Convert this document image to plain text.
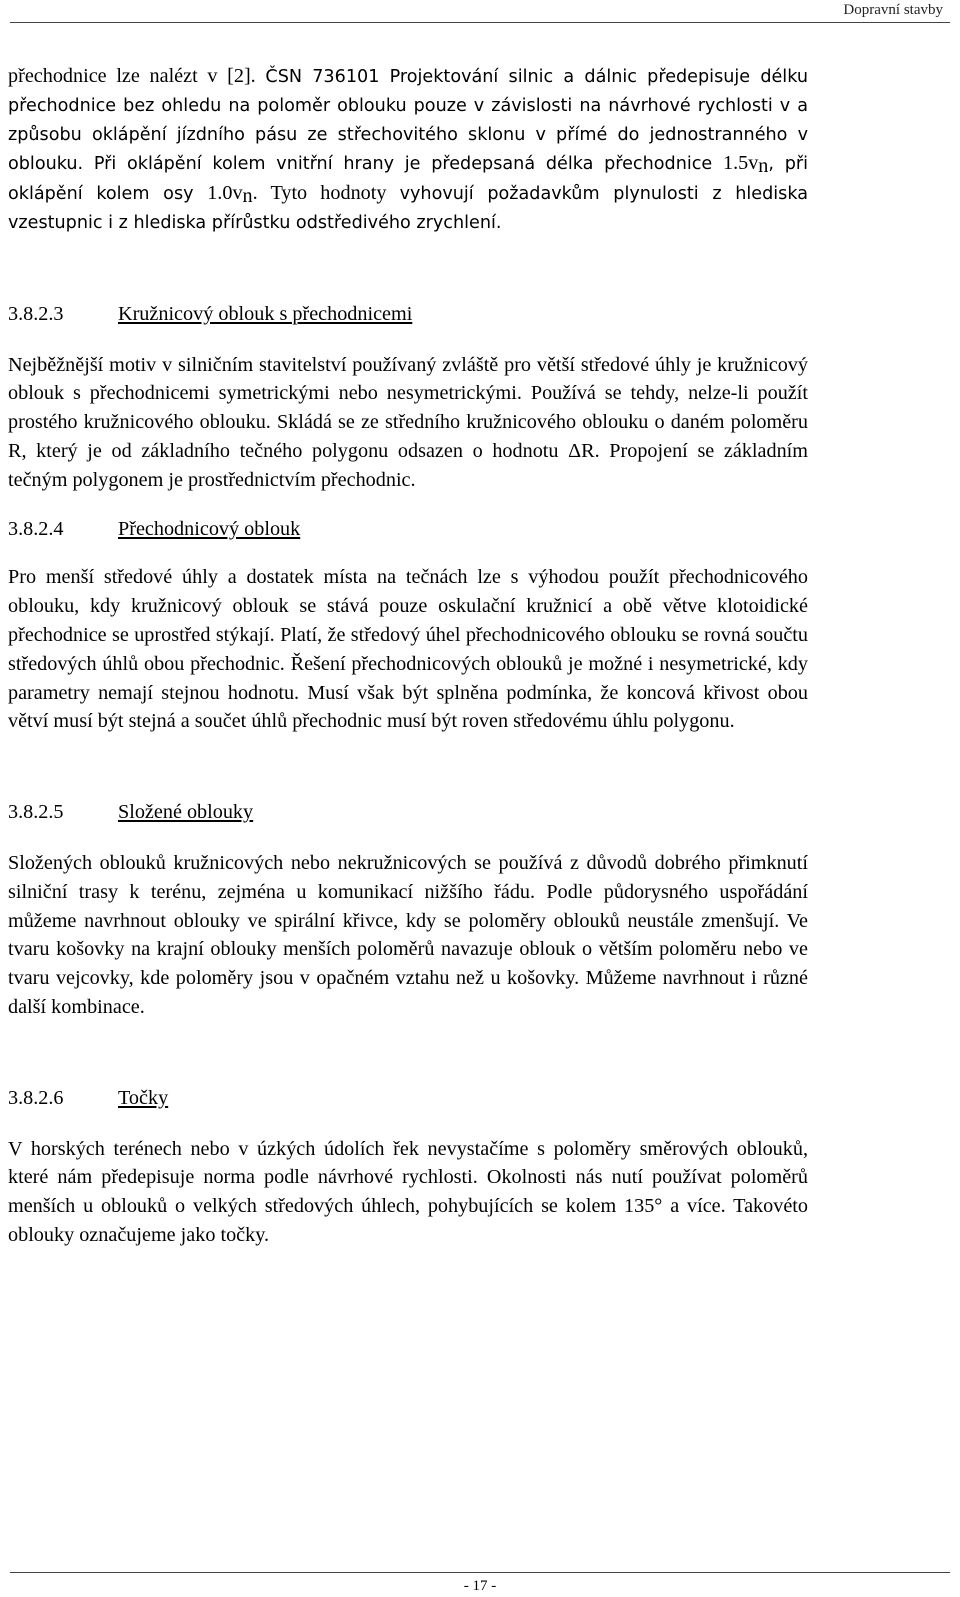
Dopravní stavby

přechodnice lze nalézt v [2]. ČSN 736101 Projektování silnic a dálnic předepisuje délku přechodnice bez ohledu na poloměr oblouku pouze v závislosti na návrhové rychlosti v a způsobu oklápění jízdního pásu ze střechovitého sklonu v přímé do jednostranného v oblouku. Při oklápění kolem vnitřní hrany je předepsaná délka přechodnice $1.5v_n$, při oklápění kolem osy $1.0v_n$. Tyto hodnoty vyhovují požadavkům plynulosti z hlediska vzestupnic i z hlediska přírůstku odstředivého zrychlení.

3.8.2.3	Kružnicový oblouk s přechodnicemi

Nejběžnější motiv v silničním stavitelství používaný zvláště pro větší středové úhly je kružnicový oblouk s přechodnicemi symetrickými nebo nesymetrickými. Používá se tehdy, nelze-li použít prostého kružnicového oblouku. Skládá se ze středního kružnicového oblouku o daném poloměru R, který je od základního tečného polygonu odsazen o hodnotu ΔR. Propojení se základním tečným polygonem je prostřednictvím přechodnic.

3.8.2.4	Přechodnicový oblouk

Pro menší středové úhly a dostatek místa na tečnách lze s výhodou použít přechodnicového oblouku, kdy kružnicový oblouk se stává pouze oskulační kružnicí a obě větve klotoidické přechodnice se uprostřed stýkají. Platí, že středový úhel přechodnicového oblouku se rovná součtu středových úhlů obou přechodnic. Řešení přechodnicových oblouků je možné i nesymetrické, kdy parametry nemají stejnou hodnotu. Musí však být splněna podmínka, že koncová křivost obou větví musí být stejná a součet úhlů přechodnic musí být roven středovému úhlu polygonu.

3.8.2.5	Složené oblouky

Složených oblouků kružnicových nebo nekružnicových se používá z důvodů dobrého přimknutí silniční trasy k terénu, zejména u komunikací nižšího řádu. Podle půdorysného uspořádání můžeme navrhnout oblouky ve spirální křivce, kdy se poloměry oblouků neustále zmenšují. Ve tvaru košovky na krajní oblouky menších poloměrů navazuje oblouk o větším poloměru nebo ve tvaru vejcovky, kde poloměry jsou v opačném vztahu než u košovky. Můžeme navrhnout i různé další kombinace.

3.8.2.6	Točky

V horských terénech nebo v úzkých údolích řek nevystačíme s poloměry směrových oblouků, které nám předepisuje norma podle návrhové rychlosti. Okolnosti nás nutí používat poloměrů menších u oblouků o velkých středových úhlech, pohybujících se kolem 135° a více. Takovéto oblouky označujeme jako točky.

- 17 -
